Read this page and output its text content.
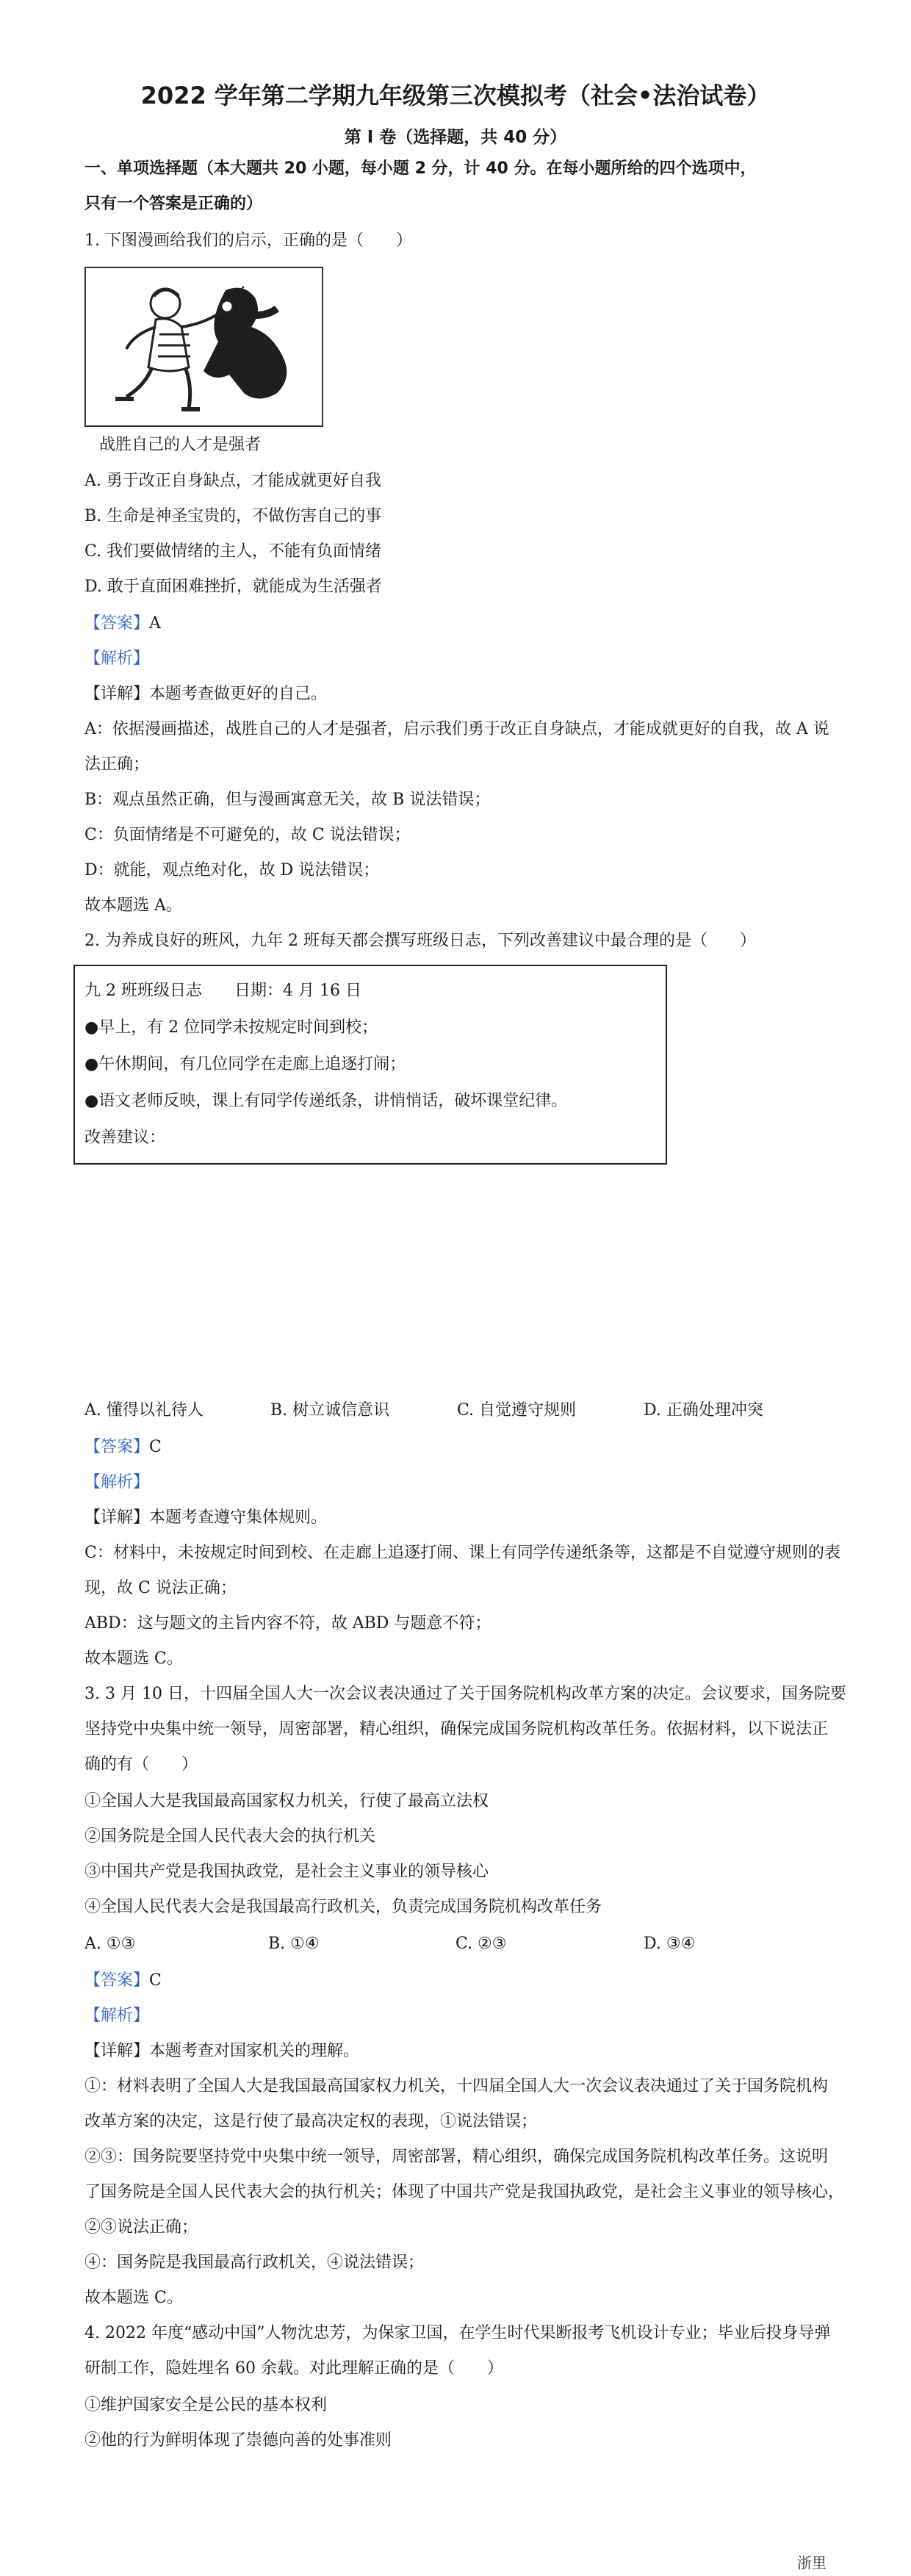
2022 学年第二学期九年级第三次模拟考（社会•法治试卷）
第 I 卷（选择题，共 40 分）
一、单项选择题（本大题共 20 小题，每小题 2 分，计 40 分。在每小题所给的四个选项中，
只有一个答案是正确的）
1. 下图漫画给我们的启示，正确的是（　　）
战胜自己的人才是强者
A. 勇于改正自身缺点，才能成就更好自我
B. 生命是神圣宝贵的，不做伤害自己的事
C. 我们要做情绪的主人，不能有负面情绪
D. 敢于直面困难挫折，就能成为生活强者
【答案】A
【解析】
【详解】本题考查做更好的自己。
A：依据漫画描述，战胜自己的人才是强者，启示我们勇于改正自身缺点，才能成就更好的自我，故 A 说
法正确；
B：观点虽然正确，但与漫画寓意无关，故 B 说法错误；
C：负面情绪是不可避免的，故 C 说法错误；
D：就能，观点绝对化，故 D 说法错误；
故本题选 A。
2. 为养成良好的班风，九年 2 班每天都会撰写班级日志，下列改善建议中最合理的是（　　）
九 2 班班级日志　　日期：4 月 16 日
●早上，有 2 位同学未按规定时间到校；
●午休期间，有几位同学在走廊上追逐打闹；
●语文老师反映，课上有同学传递纸条，讲悄悄话，破坏课堂纪律。
改善建议：
A. 懂得以礼待人	B. 树立诚信意识	C. 自觉遵守规则	D. 正确处理冲突
【答案】C
【解析】
【详解】本题考查遵守集体规则。
C：材料中，未按规定时间到校、在走廊上追逐打闹、课上有同学传递纸条等，这都是不自觉遵守规则的表
现，故 C 说法正确；
ABD：这与题文的主旨内容不符，故 ABD 与题意不符；
故本题选 C。
3. 3 月 10 日，十四届全国人大一次会议表决通过了关于国务院机构改革方案的决定。会议要求，国务院要
坚持党中央集中统一领导，周密部署，精心组织，确保完成国务院机构改革任务。依据材料，以下说法正
确的有（　　）
①全国人大是我国最高国家权力机关，行使了最高立法权
②国务院是全国人民代表大会的执行机关
③中国共产党是我国执政党，是社会主义事业的领导核心
④全国人民代表大会是我国最高行政机关，负责完成国务院机构改革任务
A. ①③	B. ①④	C. ②③	D. ③④
【答案】C
【解析】
【详解】本题考查对国家机关的理解。
①：材料表明了全国人大是我国最高国家权力机关，十四届全国人大一次会议表决通过了关于国务院机构
改革方案的决定，这是行使了最高决定权的表现，①说法错误；
②③：国务院要坚持党中央集中统一领导，周密部署，精心组织，确保完成国务院机构改革任务。这说明
了国务院是全国人民代表大会的执行机关；体现了中国共产党是我国执政党，是社会主义事业的领导核心，
②③说法正确；
④：国务院是我国最高行政机关，④说法错误；
故本题选 C。
4. 2022 年度“感动中国”人物沈忠芳，为保家卫国，在学生时代果断报考飞机设计专业；毕业后投身导弹
研制工作，隐姓埋名 60 余载。对此理解正确的是（　　）
①维护国家安全是公民的基本权利
②他的行为鲜明体现了崇德向善的处事准则
浙里
